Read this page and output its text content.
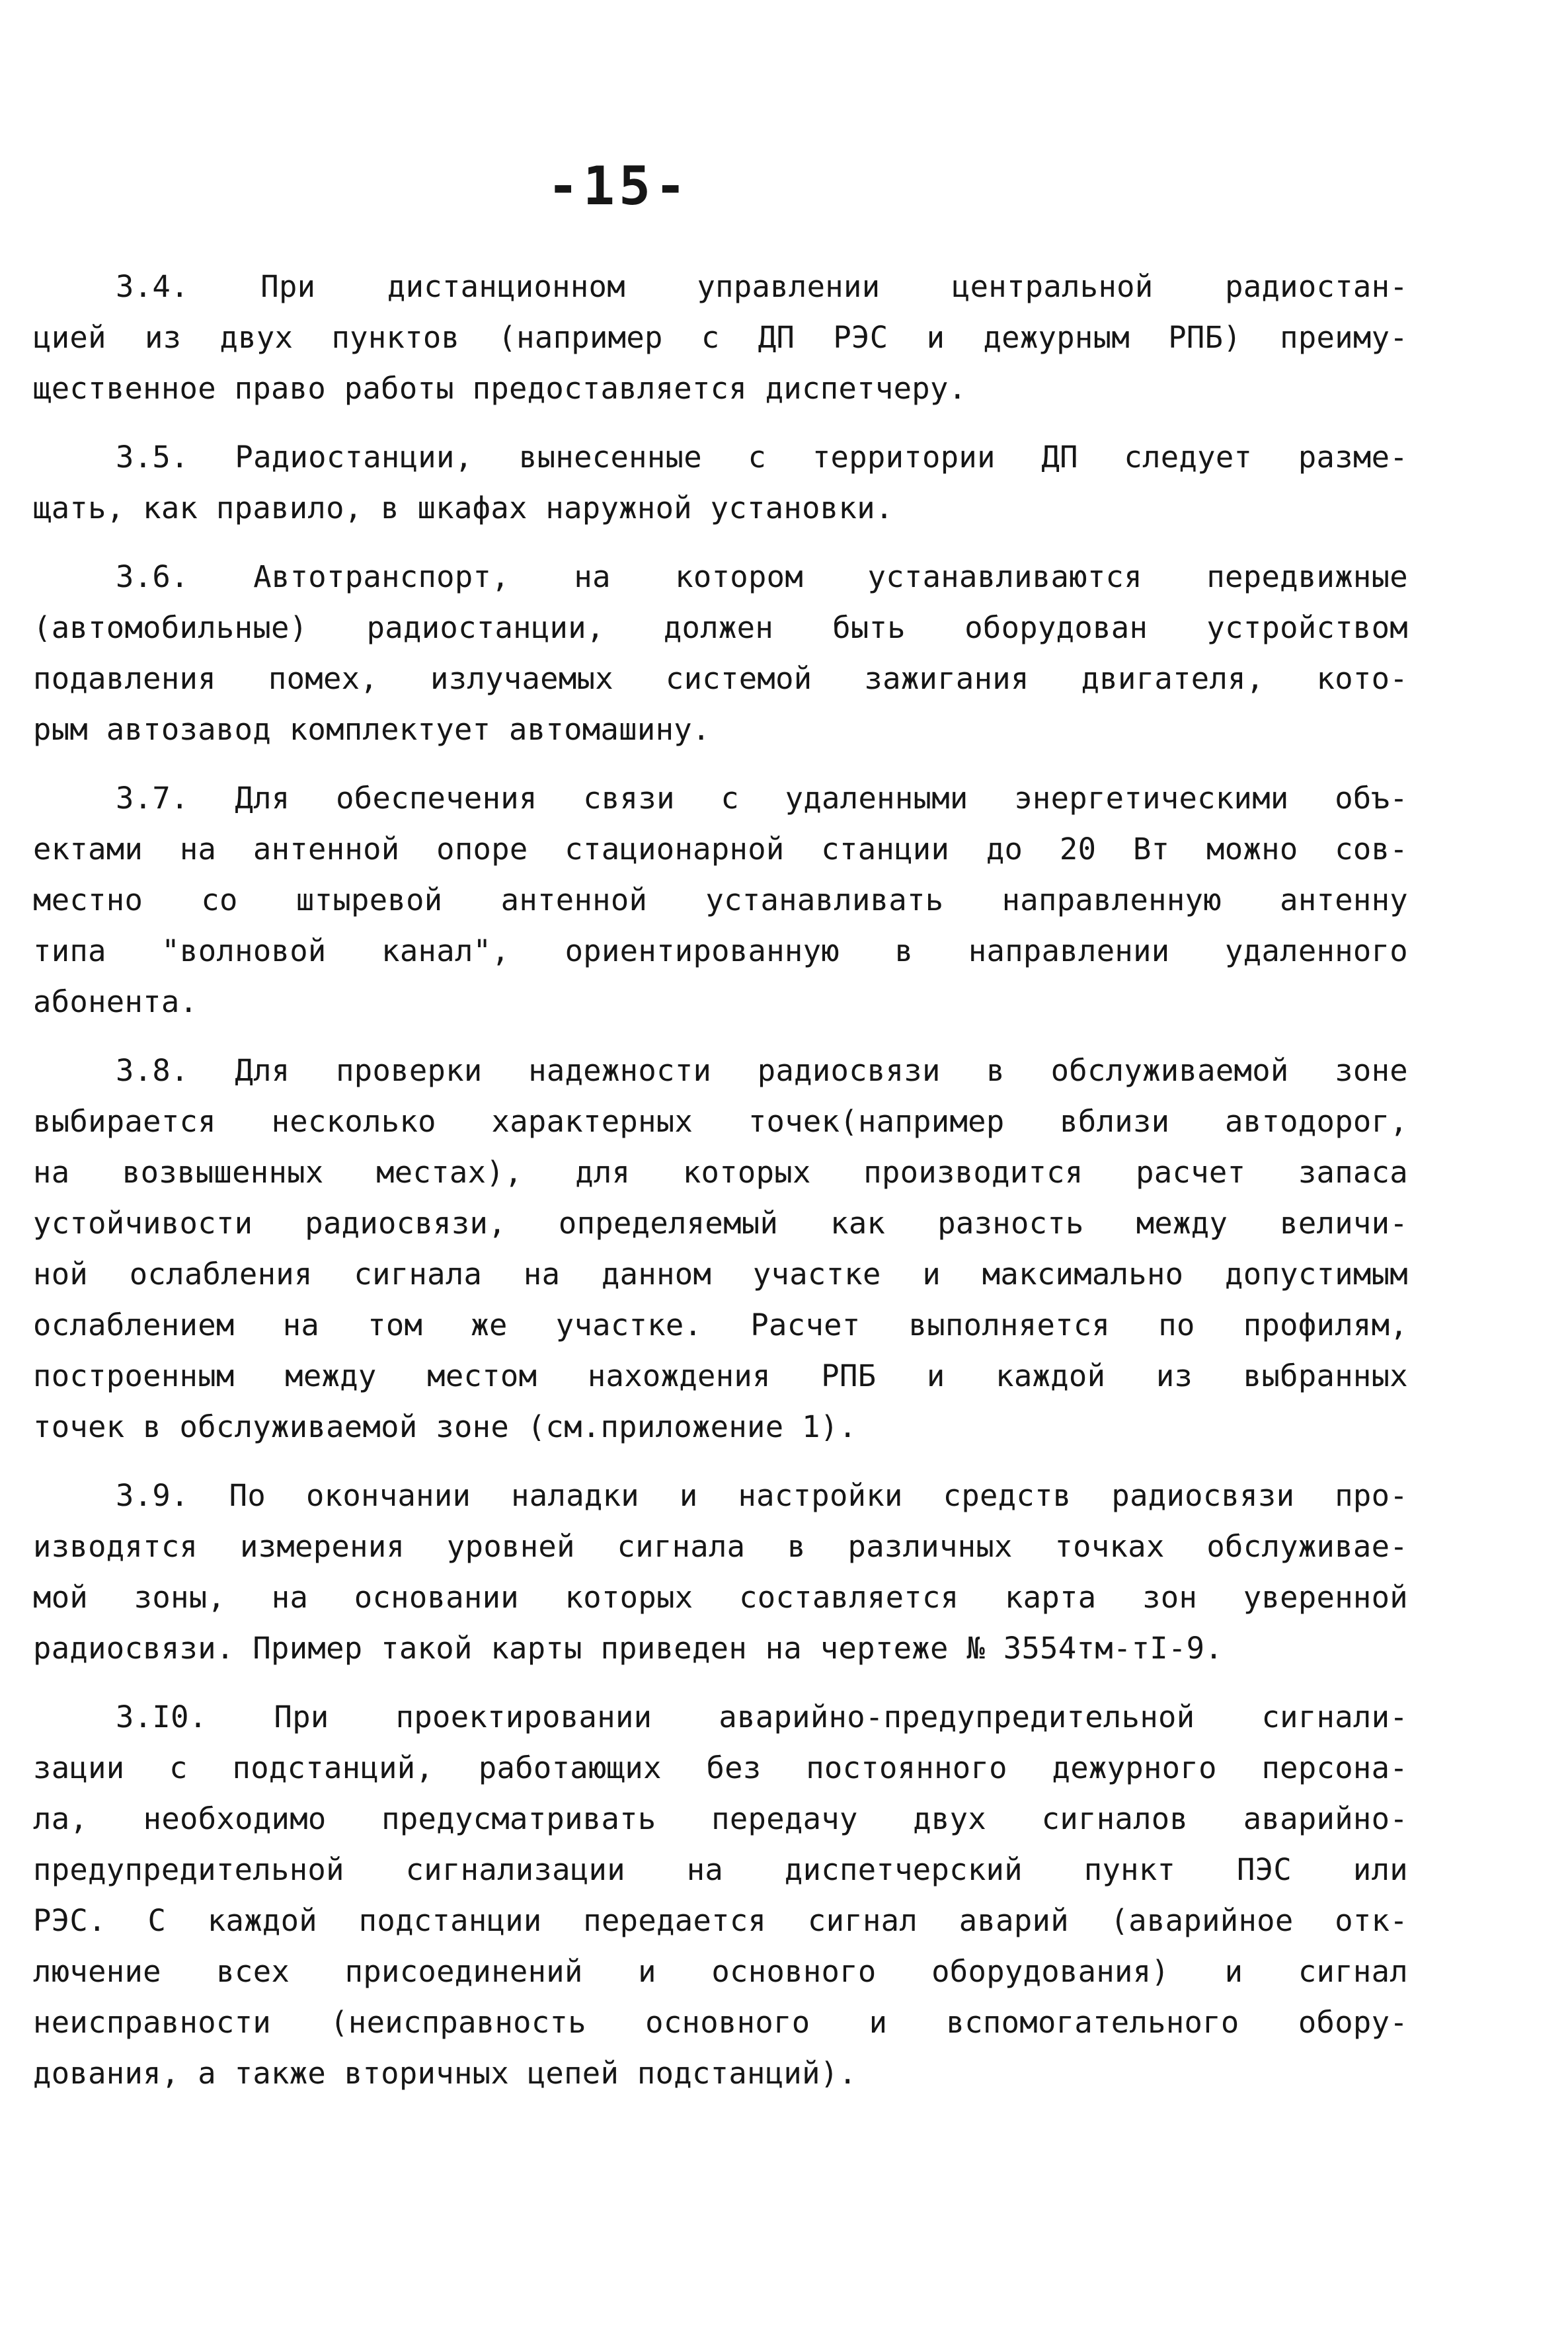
-15-
3.4. При дистанционном управлении центральной радиостан-
цией из двух пунктов (например с ДП РЭС и дежурным РПБ) преиму-
щественное право работы предоставляется диспетчеру.
3.5. Радиостанции, вынесенные с территории ДП следует разме-
щать, как правило, в шкафах наружной установки.
3.6. Автотранспорт, на котором устанавливаются передвижные
(автомобильные) радиостанции, должен быть оборудован устройством
подавления помех, излучаемых системой зажигания двигателя, кото-
рым автозавод комплектует автомашину.
3.7. Для обеспечения связи с удаленными энергетическими объ-
ектами на антенной опоре стационарной станции до 20 Вт можно сов-
местно со штыревой антенной устанавливать направленную антенну
типа "волновой канал", ориентированную в направлении удаленного
абонента.
3.8. Для проверки надежности радиосвязи в обслуживаемой зоне
выбирается несколько характерных точек(например вблизи автодорог,
на возвышенных местах), для которых производится расчет запаса
устойчивости радиосвязи, определяемый как разность между величи-
ной ослабления сигнала на данном участке и максимально допустимым
ослаблением на том же участке. Расчет выполняется по профилям,
построенным между местом нахождения РПБ и каждой из выбранных
точек в обслуживаемой зоне (см.приложение 1).
3.9. По окончании наладки и настройки средств радиосвязи про-
изводятся измерения уровней сигнала в различных точках обслуживае-
мой зоны, на основании которых составляется карта зон уверенной
радиосвязи. Пример такой карты приведен на чертеже № 3554тм-тI-9.
3.I0. При проектировании аварийно-предупредительной сигнали-
зации с подстанций, работающих без постоянного дежурного персона-
ла, необходимо предусматривать передачу двух сигналов аварийно-
предупредительной сигнализации на диспетчерский пункт ПЭС или
РЭС. С каждой подстанции передается сигнал аварий (аварийное отк-
лючение всех присоединений и основного оборудования) и сигнал
неисправности (неисправность основного и вспомогательного обору-
дования, а также вторичных цепей подстанций).
